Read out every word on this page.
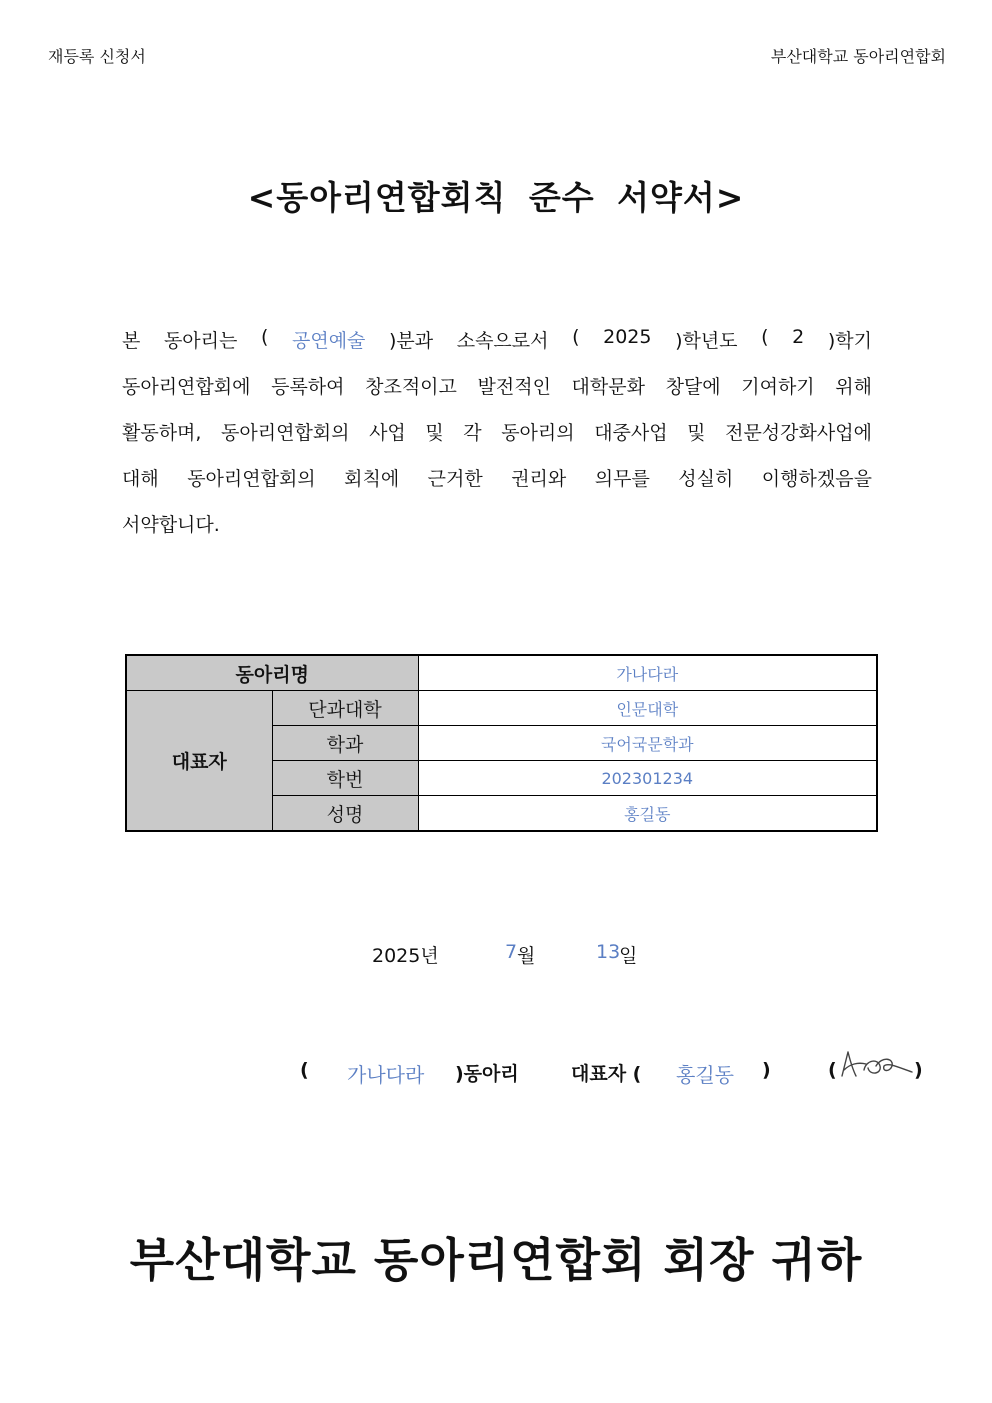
재등록 신청서	부산대학교 동아리연합회
<동아리연합회칙 준수 서약서>
본 동아리는 ( 공연예술 )분과 소속으로서 ( 2025 )학년도 ( 2 )학기
동아리연합회에 등록하여 창조적이고 발전적인 대학문화 창달에 기여하기 위해
활동하며, 동아리연합회의 사업 및 각 동아리의 대중사업 및 전문성강화사업에
대해 동아리연합회의 회칙에 근거한 권리와 의무를 성실히 이행하겠음을
서약합니다.
동아리명		가나다라
대표자	단과대학	인문대학
	학과	국어국문학과
	학번	202301234
	성명	홍길동
2025년	7 월	13
일
( 가나다라 )동아리	대표자 ( 홍길동 )	(	)
부산대학교 동아리연합회 회장 귀하
